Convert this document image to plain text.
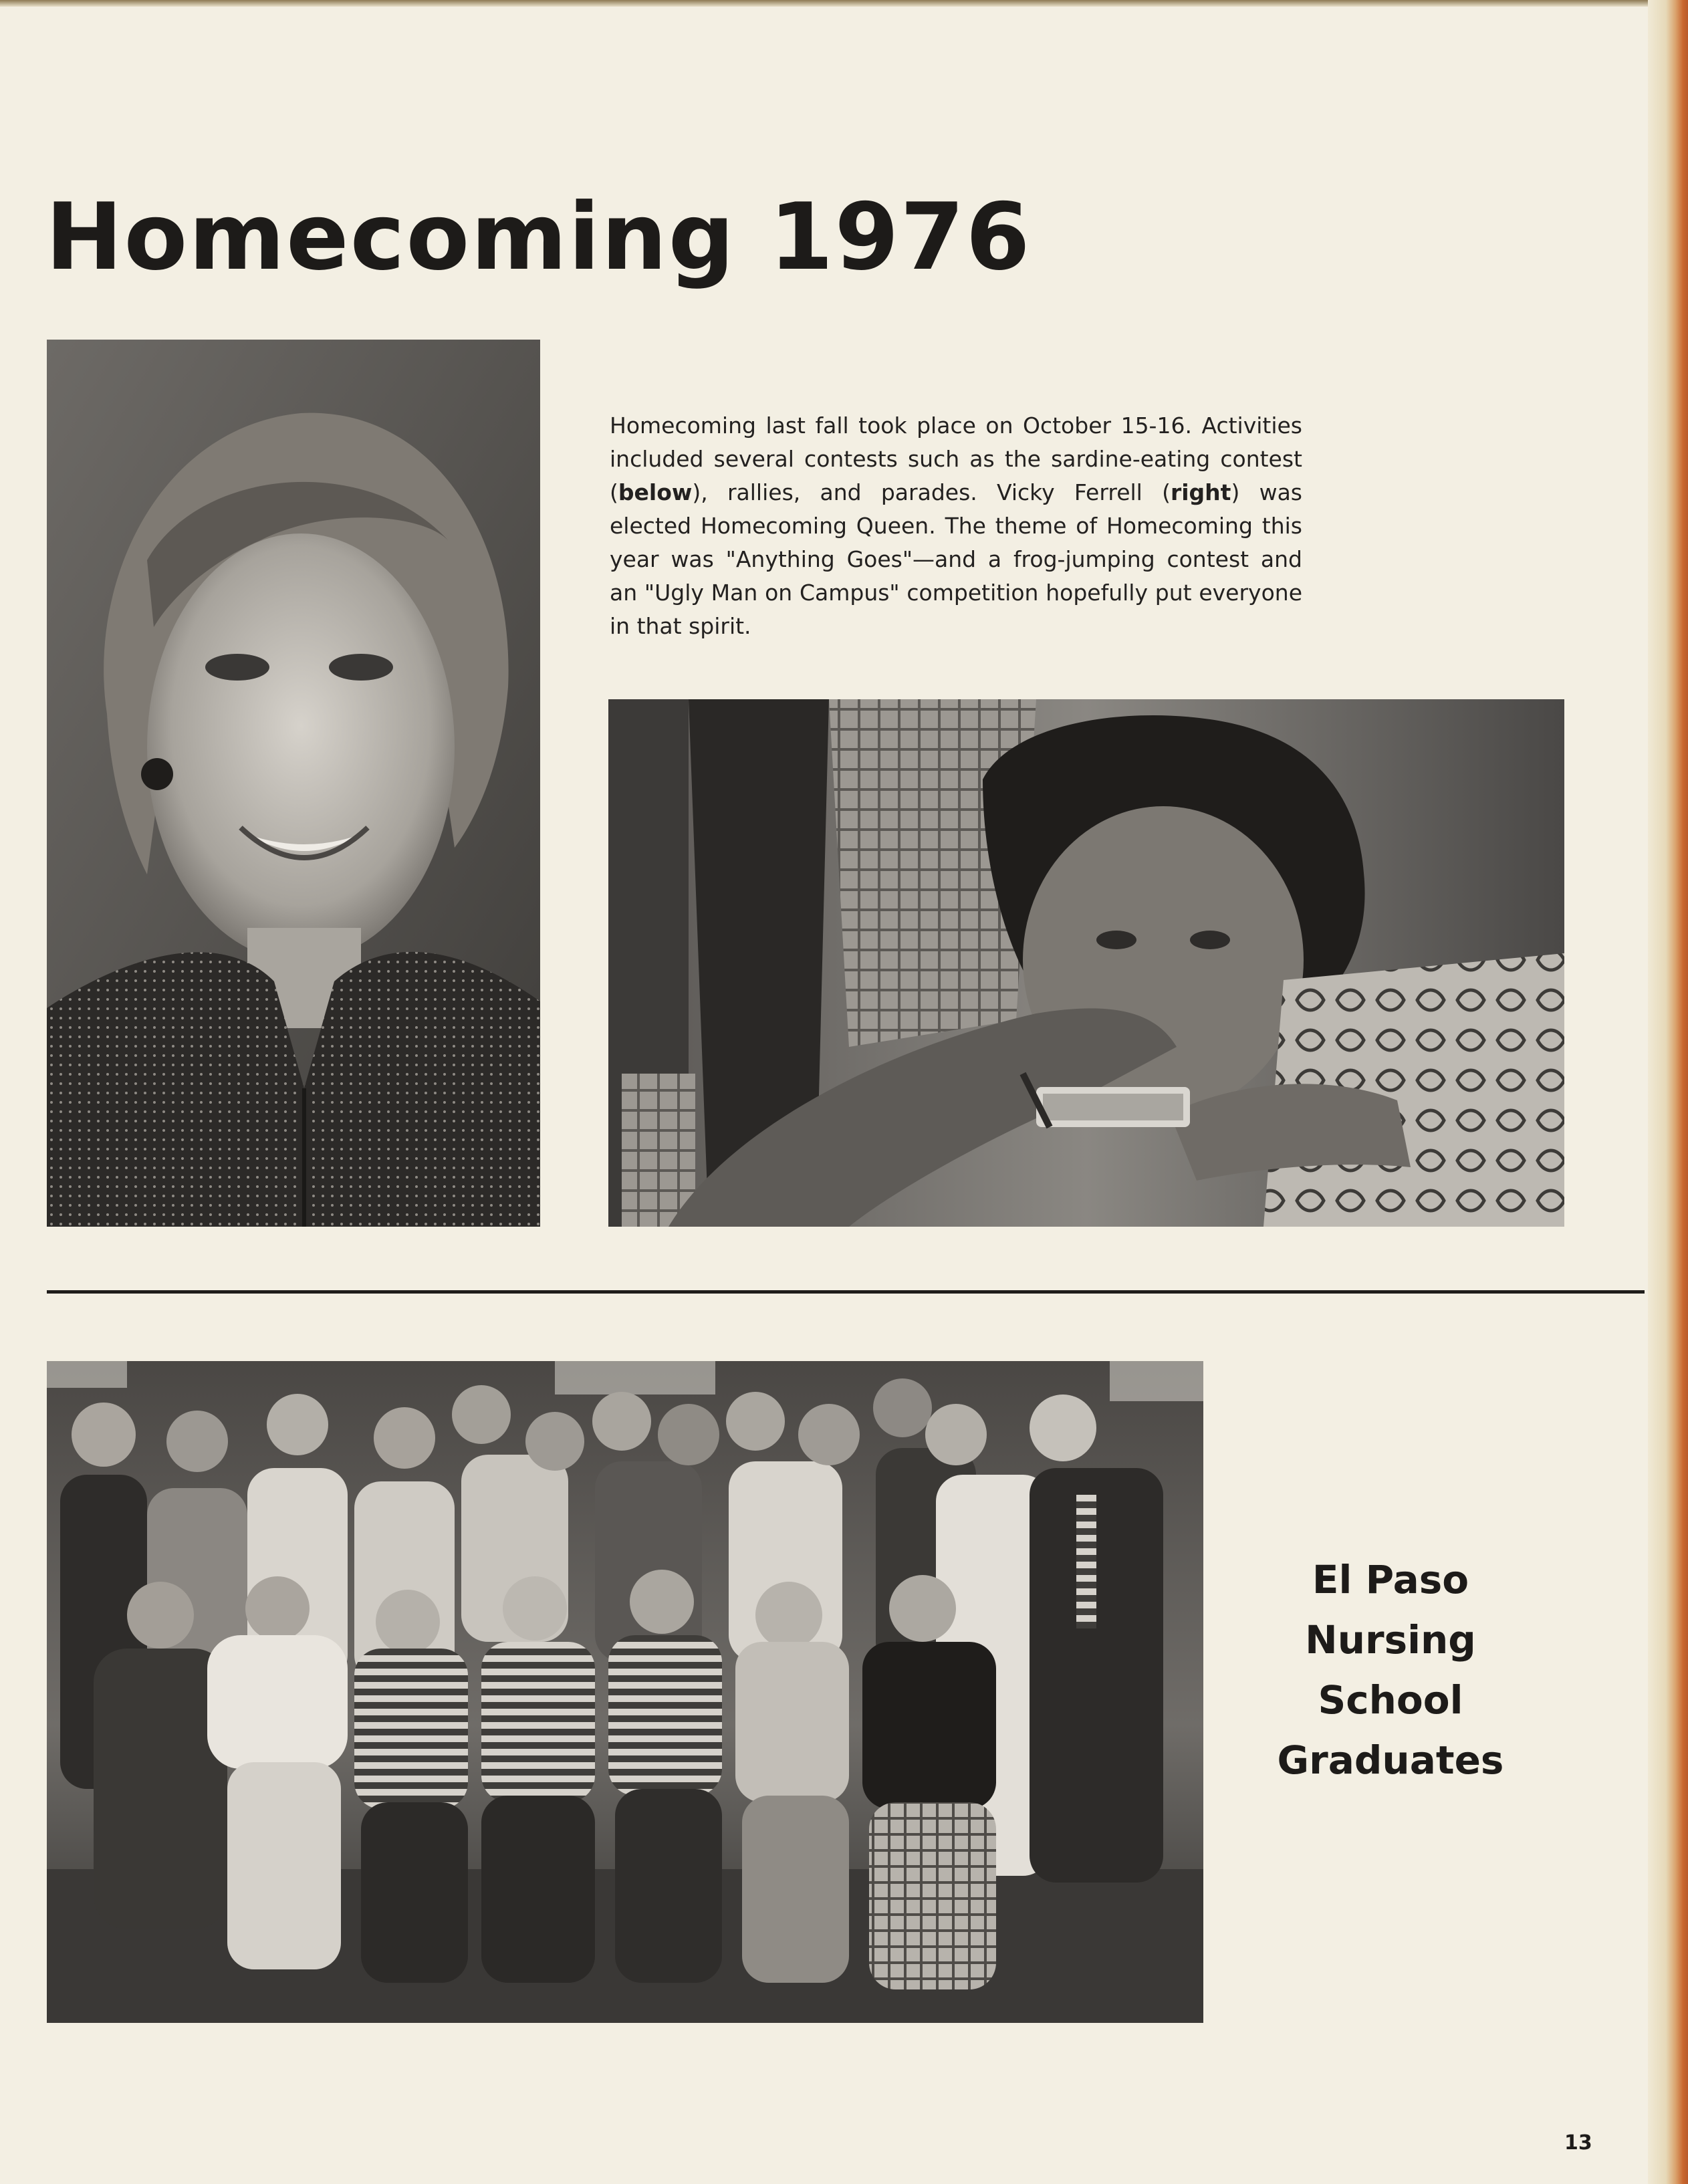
Homecoming 1976

Homecoming last fall took place on October 15-16. Activities included several contests such as the sardine-eating contest (below), rallies, and parades. Vicky Ferrell (right) was elected Homecoming Queen. The theme of Homecoming this year was "Anything Goes"—and a frog-jumping contest and an "Ugly Man on Campus" competition hopefully put everyone in that spirit.

El Paso
Nursing
School
Graduates

13
